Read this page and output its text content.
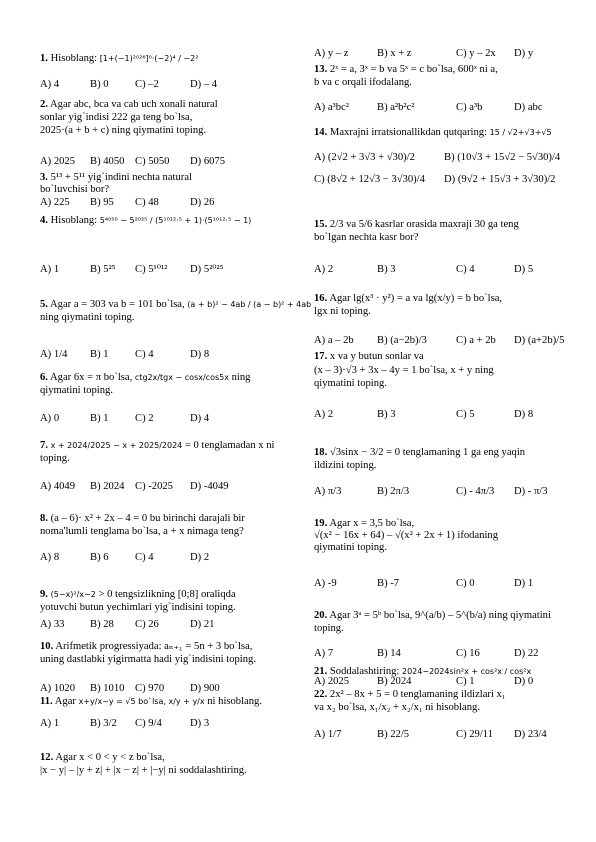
1. Hisoblang: [1+(−1)²⁰²⁶]⁰·(−2)⁴ / −2²
A) 4	B) 0 C) –2	D) – 4
2. Agar abc, bca va cab uch xonali natural
sonlar yig`indisi 222 ga teng bo`lsa,
2025·(a + b + c) ning qiymatini toping.
A) 2025 B) 4050 C) 5050 D) 6075
3. 5¹³ + 5¹¹ yig`indini nechta natural
bo`luvchisi bor?
A) 225 B) 95 C) 48	D) 26
4. Hisoblang: 5⁴⁰⁵⁰ − 5²⁰²⁵ / (5¹⁰¹²·⁵ + 1)·(5¹⁰¹²·⁵ − 1)
A) 1	B) 5²⁵ C) 5¹⁰¹² D) 5²⁰²⁵
5. Agar a = 303 va b = 101 bo`lsa, (a + b)² − 4ab / (a − b)² + 4ab
ning qiymatini toping.
A) 1/4 B) 1 C) 4	D) 8
6. Agar 6x = π bo`lsa, ctg2x/tgx − cosx/cos5x ning
qiymatini toping.
A) 0	B) 1 C) 2	D) 4
7. x + 2024/2025 − x + 2025/2024 = 0 tenglamadan x ni
toping.
A) 4049 B) 2024 C) -2025 D) -4049
8. (a – 6)· x² + 2x – 4 = 0 bu birinchi darajali bir
noma'lumli tenglama bo`lsa, a + x nimaga teng?
A) 8	B) 6 C) 4	D) 2
9. (5−x)²/x−2 > 0 tengsizlikning [0;8] oraliqda
yotuvchi butun yechimlari yig`indisini toping.
A) 33 B) 28 C) 26	D) 21
10. Arifmetik progressiyada: aₙ₊₁ = 5n + 3 bo`lsa,
uning dastlabki yigirmatta hadi yig`indisini toping.
A) 1020 B) 1010 C) 970 D) 900
11. Agar x+y/x−y = √5 bo`lsa, x/y + y/x ni hisoblang.
A) 1	B) 3/2 C) 9/4	D) 3
12. Agar x < 0 < y < z bo`lsa,
|x − y| – |y + z| + |x − z| + |−y| ni soddalashtiring.
A) y – z	B) x + z	C) y – 2x D) y
13. 2ˣ = a, 3ˣ = b va 5ˣ = c bo`lsa, 600ˣ ni a,
b va c orqali ifodalang.
A) a³bc²	B) a²b²c²	C) a³b	D) abc
14. Maxrajni irratsionallikdan qutqaring: 15 / √2+√3+√5
A) (2√2 + 3√3 + √30)/2	B) (10√3 + 15√2 − 5√30)/4
C) (8√2 + 12√3 − 3√30)/4 D) (9√2 + 15√3 + 3√30)/2
15. 2/3 va 5/6 kasrlar orasida maxraji 30 ga teng
bo`lgan nechta kasr bor?
A) 2	B) 3	C) 4	D) 5
16. Agar lg(x³ · y²) = a va lg(x/y) = b bo`lsa,
lgx ni toping.
A) a – 2b B) (a−2b)/3	C) a + 2b D) (a+2b)/5
17. x va y butun sonlar va
(x – 3)·√3 + 3x – 4y = 1 bo`lsa, x + y ning
qiymatini toping.
A) 2	B) 3	C) 5	D) 8
18. √3sinx − 3/2 = 0 tenglamaning 1 ga eng yaqin
ildizini toping.
A) π/3	B) 2π/3	C) - 4π/3 D) - π/3
19. Agar x = 3,5 bo`lsa,
√(x² − 16x + 64) – √(x² + 2x + 1) ifodaning
qiymatini toping.
A) -9	B) -7	C) 0	D) 1
20. Agar 3ᵃ = 5ᵇ bo`lsa, 9^(a/b) – 5^(b/a) ning qiymatini
toping.
A) 7	B) 14	C) 16	D) 22
21. Soddalashtiring: 2024−2024sin²x + cos²x / cos²x
A) 2025	B) 2024	C) 1	D) 0
22. 2x² – 8x + 5 = 0 tenglamaning ildizlari x₁
va x₂ bo`lsa, x₁/x₂ + x₂/x₁ ni hisoblang.
A) 1/7	B) 22/5	C) 29/11 D) 23/4
